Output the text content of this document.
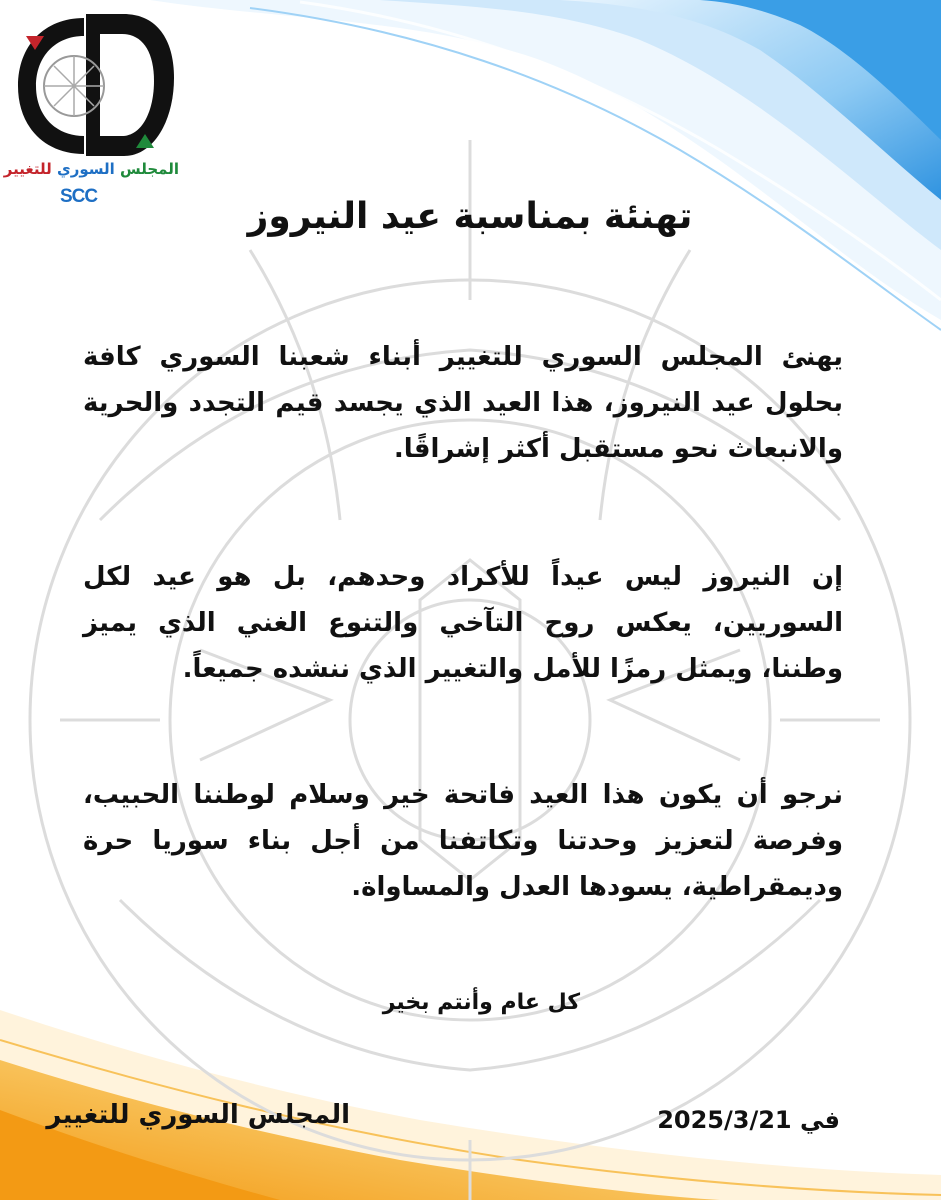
المجلس السوري للتغيير
SCC	تهنئة بمناسبة عيد النيروز
يهنئ المجلس السوري للتغيير أبناء شعبنا السوري كافة بحلول عيد النيروز، هذا العيد الذي يجسد قيم التجدد والحرية والانبعاث نحو مستقبل أكثر إشراقًا.
إن النيروز ليس عيداً للأكراد وحدهم، بل هو عيد لكل السوريين، يعكس روح التآخي والتنوع الغني الذي يميز وطننا، ويمثل رمزًا للأمل والتغيير الذي ننشده جميعاً.
نرجو أن يكون هذا العيد فاتحة خير وسلام لوطننا الحبيب، وفرصة لتعزيز وحدتنا وتكاتفنا من أجل بناء سوريا حرة وديمقراطية، يسودها العدل والمساواة.
كل عام وأنتم بخير
المجلس السوري للتغيير	في 2025/3/21
